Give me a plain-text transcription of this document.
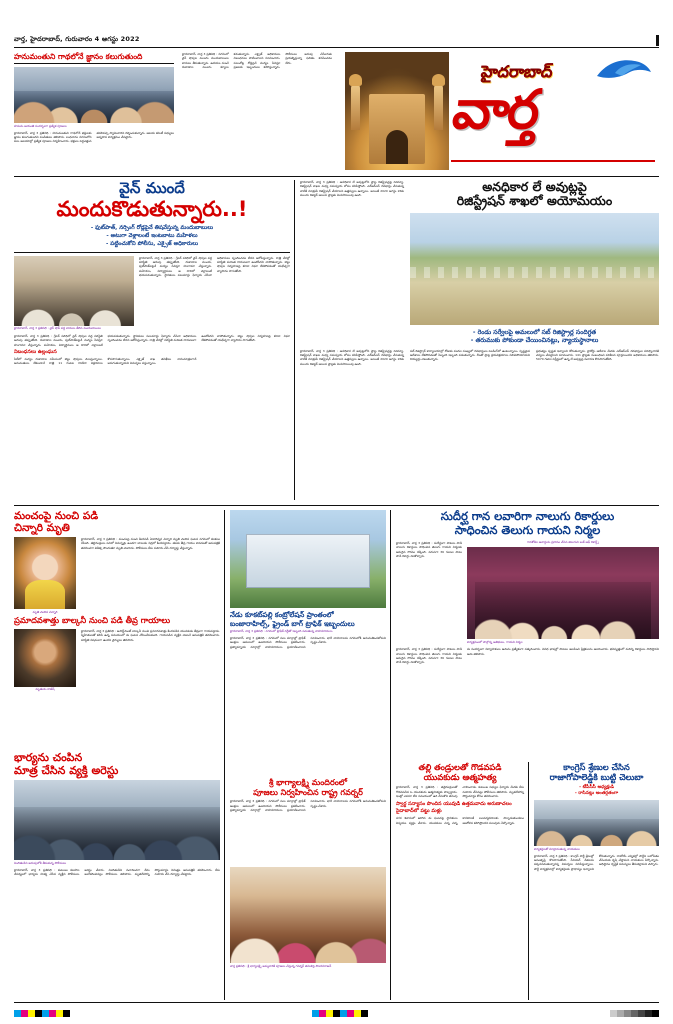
వార్త, హైదరాబాద్, గురువారం 4 ఆగస్టు 2022
హైదరాబాద్
వార్త
హనుమంతుని గాథలోనే జ్ఞానం కలుగుతుంది
హనుమ జయంతి సందర్భంగా ప్రత్యేక పూజలు
హైదరాబాద్, వార్త 3 ప్రతినిధి : హనుమంతుని గాథలోనే భక్తులకు జ్ఞానం కలుగుతుందని పండితులు తెలిపారు. బుధవారం నగరంలోని పలు ఆలయాల్లో ప్రత్యేక పూజలు నిర్వహించారు. భక్తులు పెద్దఎత్తున తరలివచ్చి స్వామివారిని దర్శించుకున్నారు. ఆలయ కమిటీ సభ్యులు అన్నదాన కార్యక్రమం చేపట్టారు.
హైదరాబాద్, వార్త 3 ప్రతినిధి : నగరంలో వైన్ షాపుల ముందు మందుబాబులు బారులు తీరుతున్నారు. ఉదయం నుంచే దుకాణాల ముందు క్యూలు కడుతున్నారు. ఎక్సైజ్ అధికారులు నిబంధనలు పాటించాలని సూచించారు. పలుచోట్ల రోడ్లపైనే మద్యం సేవిస్తూ ప్రజలకు ఇబ్బందులు కలిగిస్తున్నారు. పోలీసులు అదుపు చేసేందుకు ప్రయత్నిస్తున్నా ఫలితం కనిపించడం లేదు.
వైన్ ముందే
మందుకొడుతున్నారు..!
- ఫుట్‌పాత్, నర్సింగ్ రోడ్లపైనే తిషవేస్తున్న మందుబాబులు
- అటుగా వెళ్లాలంటే ఇంటబాటు మహిళలు
- పట్టించుకోని పోలీసు, ఎక్సైజ్ అధికారులు
హైదరాబాద్, వార్త 3 ప్రతినిధి : వైన్ షాప్ వద్ద బారులు తీరిన మందుబాబులు
హైదరాబాద్, వార్త 3 ప్రతినిధి : గ్రేటర్ పరిధిలో వైన్ షాపుల వద్ద పరిస్థితి అదుపు తప్పుతోంది. దుకాణాల ముందు, ఫుట్‌పాత్‌లపైనే మద్యం సేవిస్తూ హంగామా చేస్తున్నారు. మహిళలు, విద్యార్థినులు ఆ దారిలో వెళ్లాలంటే భయపడుతున్నారు. స్థానికులు పలుమార్లు ఫిర్యాదు చేసినా అధికారులు స్పందించడం లేదని ఆరోపిస్తున్నారు. రాత్రి వేళల్లో పరిస్థితి మరింత దారుణంగా ఉంటోందని వాపోతున్నారు. బెల్టు షాపుల నిర్వహణపై కూడా నిఘా లేకపోవడంతో యథేచ్ఛగా వ్యాపారం సాగుతోంది.
హైదరాబాద్, వార్త 3 ప్రతినిధి : గ్రేటర్ పరిధిలో వైన్ షాపుల వద్ద పరిస్థితి అదుపు తప్పుతోంది. దుకాణాల ముందు, ఫుట్‌పాత్‌లపైనే మద్యం సేవిస్తూ హంగామా చేస్తున్నారు. మహిళలు, విద్యార్థినులు ఆ దారిలో వెళ్లాలంటే భయపడుతున్నారు. స్థానికులు పలుమార్లు ఫిర్యాదు చేసినా అధికారులు స్పందించడం లేదని ఆరోపిస్తున్నారు. రాత్రి వేళల్లో పరిస్థితి మరింత దారుణంగా ఉంటోందని వాపోతున్నారు. బెల్టు షాపుల నిర్వహణపై కూడా నిఘా లేకపోవడంతో యథేచ్ఛగా వ్యాపారం సాగుతోంది.
నిబంధనలు ఉల్లంఘన
సిటీలో మద్యం దుకాణాల సమీపంలో బెల్టు షాపులు వెలుస్తున్నాయి. అనుమతులు లేకుండానే రాత్రి 11 గంటల దాటినా విక్రయాలు కొనసాగుతున్నాయి. ఎక్సైజ్ శాఖ తనిఖీలు నామమాత్రంగానే జరుగుతున్నాయని విమర్శలు వస్తున్నాయి.
హైదరాబాద్, వార్త 3 ప్రతినిధి : అనధికార లే అవుట్లలోని ప్లాట్ల రిజిస్ట్రేషన్లపై రెవెన్యూ, రిజిస్ట్రేషన్ శాఖల మధ్య సమన్వయ లోపం కనిపిస్తోంది. ఎల్ఆర్ఎస్ దరఖాస్తు చేసుకున్న వాటికి మాత్రమే రిజిస్ట్రేషన్ చేయాలని ఉత్తర్వులు ఉన్నాయి. అయితే 2020 ఆగస్టు 26కు ముందు రిజిస్టర్ అయిన ప్లాట్లకు మినహాయింపు ఉంది.
అనధికార లే అవుట్లపై
రిజిస్ట్రేషన్ శాఖలో అయోమయం
- రెండు సర్వేలపై అమలులో సబ్ రిజిస్ట్రార్ల సందిగ్ధత
- తరుముకు పోకుండా చేయించినట్లు, న్యాయస్థానాలు
హైదరాబాద్, వార్త 3 ప్రతినిధి : అనధికార లే అవుట్లలోని ప్లాట్ల రిజిస్ట్రేషన్లపై రెవెన్యూ, రిజిస్ట్రేషన్ శాఖల మధ్య సమన్వయ లోపం కనిపిస్తోంది. ఎల్ఆర్ఎస్ దరఖాస్తు చేసుకున్న వాటికి మాత్రమే రిజిస్ట్రేషన్ చేయాలని ఉత్తర్వులు ఉన్నాయి. అయితే 2020 ఆగస్టు 26కు ముందు రిజిస్టర్ అయిన ప్లాట్లకు మినహాయింపు ఉంది.
సబ్ రిజిస్ట్రార్ కార్యాలయాల్లో రోజుకు వందల సంఖ్యలో దరఖాస్తులు పెండింగ్‌లో ఉంటున్నాయి. స్పష్టమైన ఆదేశాలు లేకపోవడంతో సిబ్బంది ఇబ్బంది పడుతున్నారు. దీంతో ప్లాట్ల క్రయవిక్రయాలు నిలిచిపోయాయని రియల్టర్లు చెబుతున్నారు.
ప్రభుత్వం స్పష్టత ఇవ్వాలని కోరుతున్నారు. హైకోర్టు ఆదేశాల మేరకు ఎల్ఆర్ఎస్ దరఖాస్తుల పరిష్కారానికి చర్యలు చేపట్టాలని సూచించారు. 141 ప్లాట్లకు సంబంధించి పరిశీలన పూర్తయిందని అధికారులు తెలిపారు. 5070 గజాల విస్తీర్ణంలో ఉన్న లే అవుట్లపై విచారణ కొనసాగుతోంది.
మంచంపై నుంచి పడి
చిన్నారి మృతి
మృతి చెందిన చిన్నారి
హైదరాబాద్, వార్త 3 ప్రతినిధి : మంచంపై నుంచి కిందపడి ఏడాదిన్నర చిన్నారి మృతి చెందిన ఘటన నగరంలో కలకలం రేపింది. తల్లిదండ్రులు పనిలో నిమగ్నమై ఉండగా బాలుడు నిద్రలో కిందపడ్డాడు. తలకు తీవ్ర గాయం కావడంతో ఆసుపత్రికి తరలించగా చికిత్స పొందుతూ మృతి చెందాడు. పోలీసులు కేసు నమోదు చేసి దర్యాప్తు చేస్తున్నారు.
ప్రమాదవశాత్తు బాల్కనీ నుంచి పడి తీవ్ర గాయాలు
మృతుడు రాజేష్
హైదరాబాద్, వార్త 3 ప్రతినిధి : అపార్ట్‌మెంట్ బాల్కనీ నుంచి ప్రమాదవశాత్తు కిందపడిన యువకుడు తీవ్రంగా గాయపడ్డాడు. స్నేహితులతో కలిసి ఉన్న సమయంలో ఈ ఘటన చోటుచేసుకుంది. గాయపడిన వ్యక్తిని వెంటనే ఆసుపత్రికి తరలించారు. పరిస్థితి విషమంగా ఉందని వైద్యులు తెలిపారు.
భార్యను చంపిన
మాత్ర చేసిన వ్యక్తి అరెస్టు
నిందితుడిని అదుపులోకి తీసుకున్న పోలీసులు
హైదరాబాద్, వార్త 3 ప్రతినిధి : కుటుంబ కలహాల నేపథ్యంలో భార్యను హత్య చేసిన వ్యక్తిని పోలీసులు అరెస్టు చేశారు. నిందితుడిని విచారించగా నేరం అంగీకరించినట్లు పోలీసులు తెలిపారు. మృతదేహాన్ని పోస్టుమార్టం నిమిత్తం ఆసుపత్రికి తరలించారు. కేసు నమోదు చేసి దర్యాప్తు చేపట్టారు.
నేడు కూకట్‌పల్లి కంట్రోలేషన్ ప్రాంతంలో
బంజారాహిల్స్, ఫ్రైండ్ బాగ్ ట్రాఫిక్ ఇబ్బందులు
హైదరాబాద్, వార్త 3 ప్రతినిధి : నగరంలో ట్రాఫిక్ రద్దీతో ఇబ్బంది పడుతున్న వాహనదారులు
హైదరాబాద్, వార్త 3 ప్రతినిధి : నగరంలో పలు మార్గాల్లో ట్రాఫిక్ ఆంక్షలు అమలులో ఉంటాయని పోలీసులు ప్రకటించారు. ప్రత్యామ్నాయ మార్గాల్లో వాహనదారులు ప్రయాణించాలని సూచించారు. భారీ వాహనాలను నగరంలోకి అనుమతించబోమని స్పష్టం చేశారు.
శ్రీ భాగ్యాలక్ష్మి మందిరంలో
పూజలు నిర్వహించిన రాష్ట్ర గవర్నర్
హైదరాబాద్, వార్త 3 ప్రతినిధి : నగరంలో పలు మార్గాల్లో ట్రాఫిక్ ఆంక్షలు అమలులో ఉంటాయని పోలీసులు ప్రకటించారు. ప్రత్యామ్నాయ మార్గాల్లో వాహనదారులు ప్రయాణించాలని సూచించారు. భారీ వాహనాలను నగరంలోకి అనుమతించబోమని స్పష్టం చేశారు.
వార్త ప్రతినిధి : శ్రీ భాగ్యలక్ష్మి అమ్మవారికి పూజలు చేస్తున్న గవర్నర్ తమిళిసై సౌందరరాజన్
సుదీర్ఘ గాన లవారిగా నాలుగు రికార్డులు
సాధించిన తెలుగు గాయని నిర్మల
హైదరాబాద్, వార్త 3 ప్రతినిధి : సుదీర్ఘంగా పాటలు పాడి నాలుగు రికార్డులు సాధించిన తెలుగు గాయని నిర్మలకు అరుదైన గౌరవం దక్కింది. వరుసగా 36 గంటల పాటు పాడి రికార్డు నెలకొల్పారు.
గానకోకిల అవార్డును ప్రదానం చేసిన తెలుగుని బుక్ ఆఫ్ రికార్డ్స్
కార్యక్రమంలో పాల్గొన్న అతిథులు, గాయని నిర్మల
హైదరాబాద్, వార్త 3 ప్రతినిధి : సుదీర్ఘంగా పాటలు పాడి నాలుగు రికార్డులు సాధించిన తెలుగు గాయని నిర్మలకు అరుదైన గౌరవం దక్కింది. వరుసగా 36 గంటల పాటు పాడి రికార్డు నెలకొల్పారు.
ఈ సందర్భంగా నిర్వాహకులు ఆమెను ప్రత్యేకంగా సత్కరించారు. వివిధ భాషల్లో పాటలు ఆలపించి ప్రేక్షకులను అలరించారు. భవిష్యత్తులో మరిన్ని రికార్డులు సాధిస్తానని ఆమె తెలిపారు.
తల్లి తండ్రులతో గొడవపడి
యువకుడు ఆత్మహత్య
హైదరాబాద్, వార్త 3 ప్రతినిధి : తల్లిదండ్రులతో గొడవపడిన ఓ యువకుడు ఆత్మహత్యకు పాల్పడ్డాడు. ఇంట్లో ఎవరూ లేని సమయంలో ఉరి వేసుకొని తనువు చాలించాడు. కుటుంబ సభ్యుల ఫిర్యాదు మేరకు కేసు నమోదు చేసినట్లు పోలీసులు తెలిపారు. మృతదేహాన్ని పోస్టుమార్టం కోసం తరలించారు.
స్వార్థ సన్యాసం పొందిన యువుడి ఉత్తమవాదు అరుణాచలం సైదాబాద్‌లో పట్టు మళ్లు
నగర శివారులో జరిగిన ఈ ఘటనపై స్థానికులు విస్మయం వ్యక్తం చేశారు. యువకులు చిన్న చిన్న కారణాలకే బలవన్మరణాలకు పాల్పడుతుండటం ఆందోళన కలిగిస్తోందని పలువురు పేర్కొన్నారు.
కాంగ్రెస్ శ్రేణుల చేసిన
రాజాగోపాలెడ్డికి బుట్టి చెలుబా
- టీపీసీసీ అధ్యక్షుడి
- రాసినట్లు అంతర్గతంగా
కార్యకర్తలతో మాట్లాడుతున్న నాయకులు
హైదరాబాద్, వార్త 3 ప్రతినిధి : కాంగ్రెస్ పార్టీ శ్రేణుల్లో అసంతృప్తి కొనసాగుతోంది. సీనియర్ నేతలను పక్కనపెడుతున్నారన్న విమర్శలు వినిపిస్తున్నాయి. పార్టీ కార్యక్రమాల్లో కార్యకర్తలకు ప్రాధాన్యం ఇవ్వాలని కోరుతున్నారు. రాబోయే ఎన్నికల్లో పార్టీని బలోపేతం చేసేందుకు కృషి చేస్తామని నాయకులు పేర్కొన్నారు. అధిష్ఠానం దృష్టికి సమస్యలు తీసుకెళ్తామని చెప్పారు.
